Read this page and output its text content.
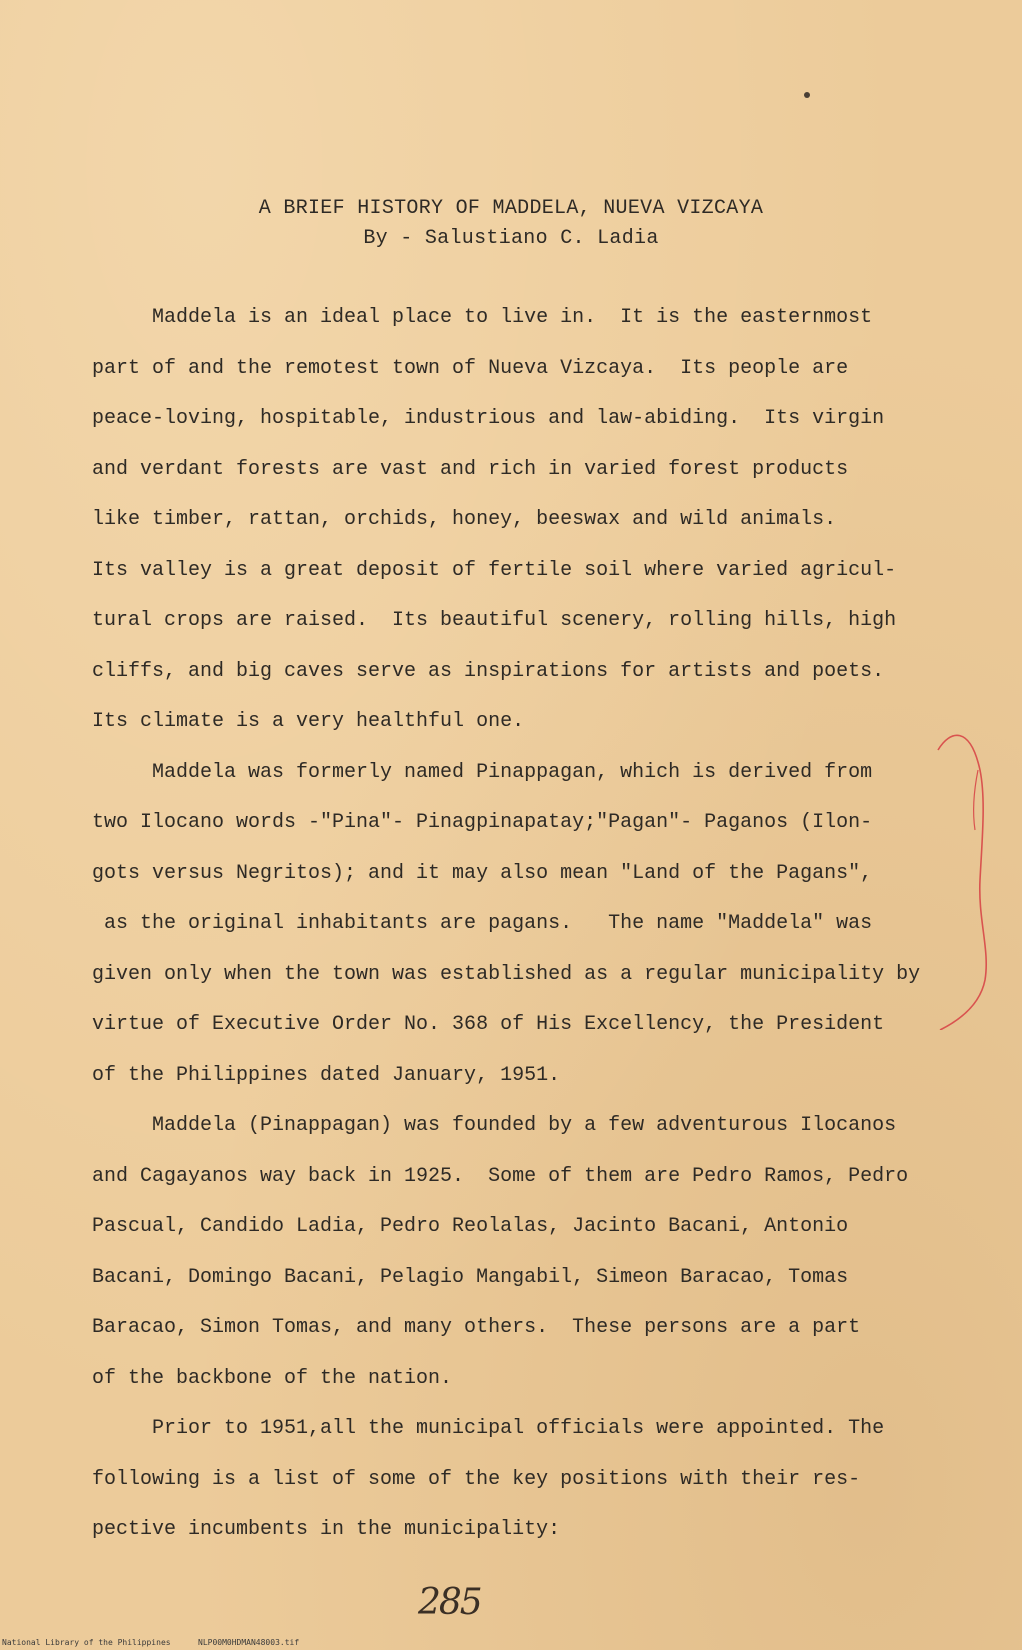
A BRIEF HISTORY OF MADDELA, NUEVA VIZCAYA
By - Salustiano C. Ladia
Maddela is an ideal place to live in.  It is the easternmost
part of and the remotest town of Nueva Vizcaya.  Its people are
peace-loving, hospitable, industrious and law-abiding.  Its virgin
and verdant forests are vast and rich in varied forest products
like timber, rattan, orchids, honey, beeswax and wild animals.
Its valley is a great deposit of fertile soil where varied agricul-
tural crops are raised.  Its beautiful scenery, rolling hills, high
cliffs, and big caves serve as inspirations for artists and poets.
Its climate is a very healthful one.
Maddela was formerly named Pinappagan, which is derived from
two Ilocano words -"Pina"- Pinagpinapatay;"Pagan"- Paganos (Ilon-
gots versus Negritos); and it may also mean "Land of the Pagans",
as the original inhabitants are pagans.   The name "Maddela" was
given only when the town was established as a regular municipality by
virtue of Executive Order No. 368 of His Excellency, the President
of the Philippines dated January, 1951.
Maddela (Pinappagan) was founded by a few adventurous Ilocanos
and Cagayanos way back in 1925.  Some of them are Pedro Ramos, Pedro
Pascual, Candido Ladia, Pedro Reolalas, Jacinto Bacani, Antonio
Bacani, Domingo Bacani, Pelagio Mangabil, Simeon Baracao, Tomas
Baracao, Simon Tomas, and many others.  These persons are a part
of the backbone of the nation.
Prior to 1951,all the municipal officials were appointed. The
following is a list of some of the key positions with their res-
pective incumbents in the municipality:
285
National Library of the Philippines	NLP00M0HDMAN48003.tif
